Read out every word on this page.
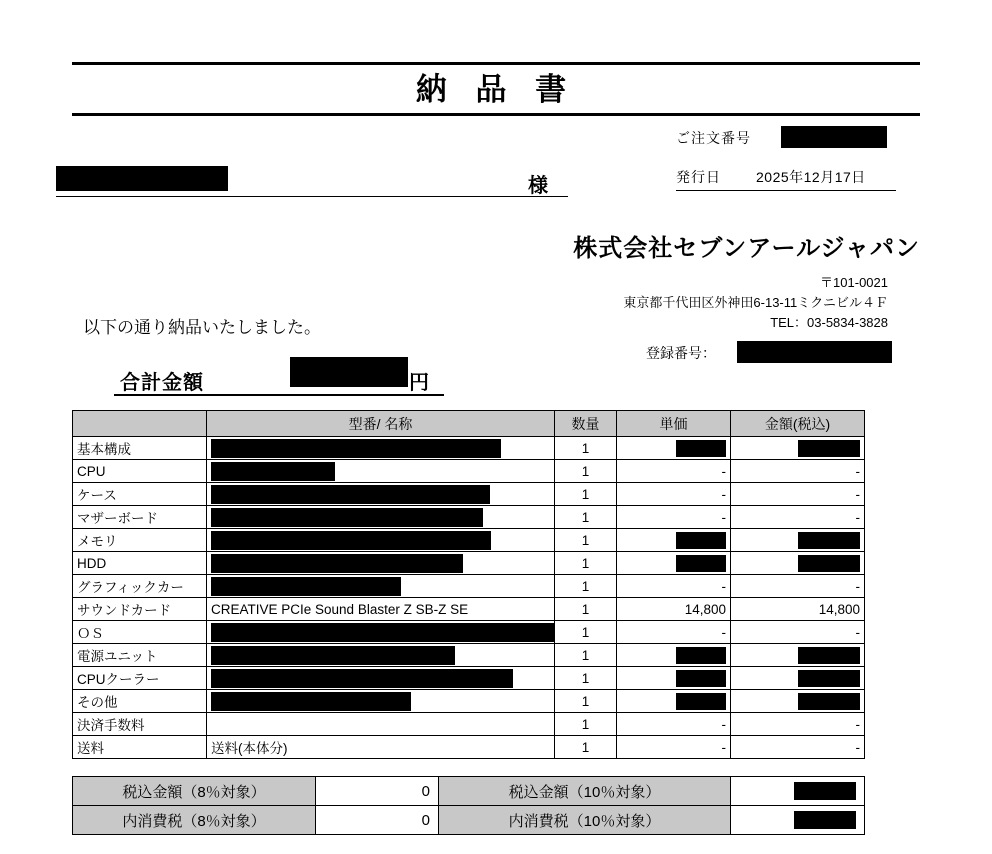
納 品 書
ご注文番号
発行日	2025年12月17日
様
株式会社セブンアールジャパン
〒101-0021
東京都千代田区外神田6-13-11ミクニビル４Ｆ
TEL：03-5834-3828
登録番号：
以下の通り納品いたしました。
合計金額	円
	型番/ 名称	数量	単価	金額(税込)
基本構成		1		
CPU		1	-	-
ケース		1	-	-
マザーボード		1	-	-
メモリ		1		
HDD		1		
グラフィックカー		1	-	-
サウンドカード	CREATIVE PCIe Sound Blaster Z SB-Z SE	1	14,800	14,800
ＯＳ		1	-	-
電源ユニット		1		
CPUクーラー		1		
その他		1		
決済手数料		1	-	-
送料	送料(本体分)	1	-	-
税込金額（8％対象）	0	税込金額（10％対象）	
内消費税（8％対象）	0	内消費税（10％対象）	
